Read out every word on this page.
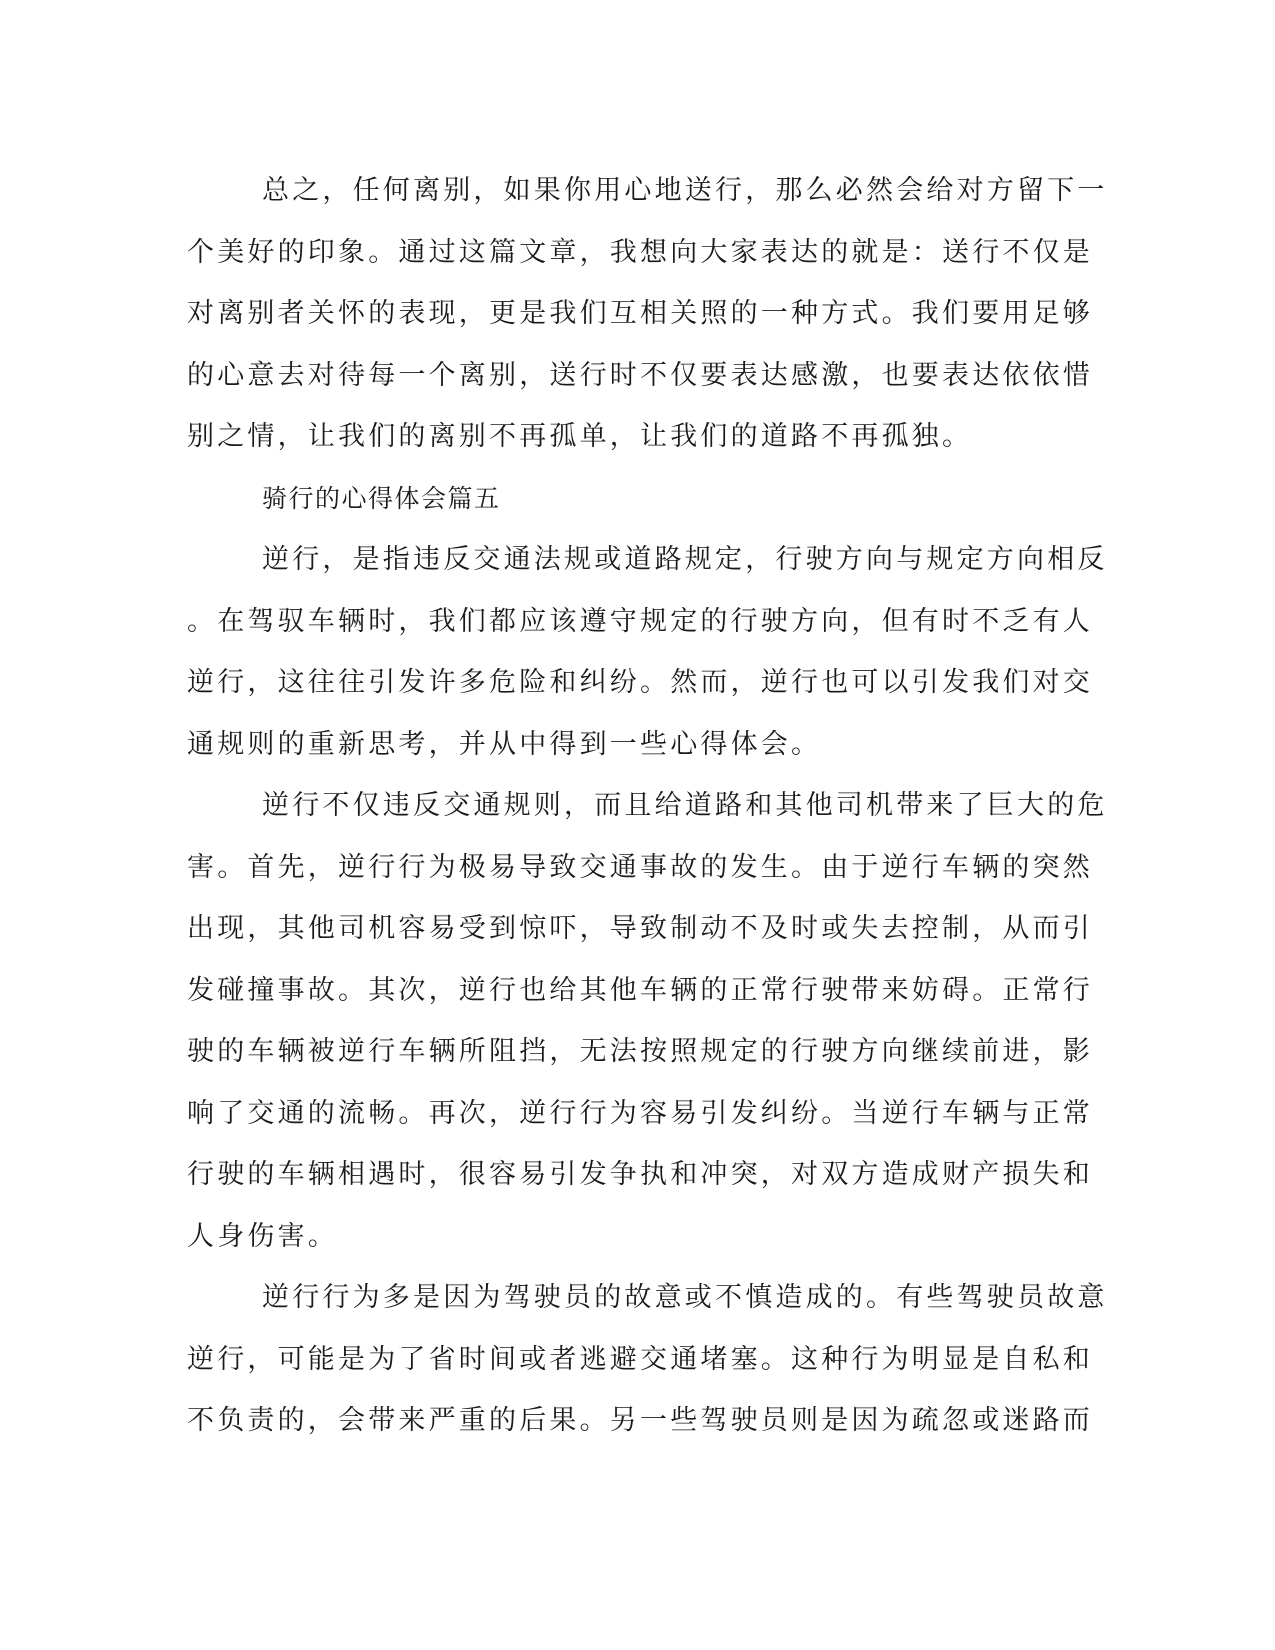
总之，任何离别，如果你用心地送行，那么必然会给对方留下一
个美好的印象。通过这篇文章，我想向大家表达的就是：送行不仅是
对离别者关怀的表现，更是我们互相关照的一种方式。我们要用足够
的心意去对待每一个离别，送行时不仅要表达感激，也要表达依依惜
别之情，让我们的离别不再孤单，让我们的道路不再孤独。
骑行的心得体会篇五
逆行，是指违反交通法规或道路规定，行驶方向与规定方向相反
。在驾驭车辆时，我们都应该遵守规定的行驶方向，但有时不乏有人
逆行，这往往引发许多危险和纠纷。然而，逆行也可以引发我们对交
通规则的重新思考，并从中得到一些心得体会。
逆行不仅违反交通规则，而且给道路和其他司机带来了巨大的危
害。首先，逆行行为极易导致交通事故的发生。由于逆行车辆的突然
出现，其他司机容易受到惊吓，导致制动不及时或失去控制，从而引
发碰撞事故。其次，逆行也给其他车辆的正常行驶带来妨碍。正常行
驶的车辆被逆行车辆所阻挡，无法按照规定的行驶方向继续前进，影
响了交通的流畅。再次，逆行行为容易引发纠纷。当逆行车辆与正常
行驶的车辆相遇时，很容易引发争执和冲突，对双方造成财产损失和
人身伤害。
逆行行为多是因为驾驶员的故意或不慎造成的。有些驾驶员故意
逆行，可能是为了省时间或者逃避交通堵塞。这种行为明显是自私和
不负责的，会带来严重的后果。另一些驾驶员则是因为疏忽或迷路而
